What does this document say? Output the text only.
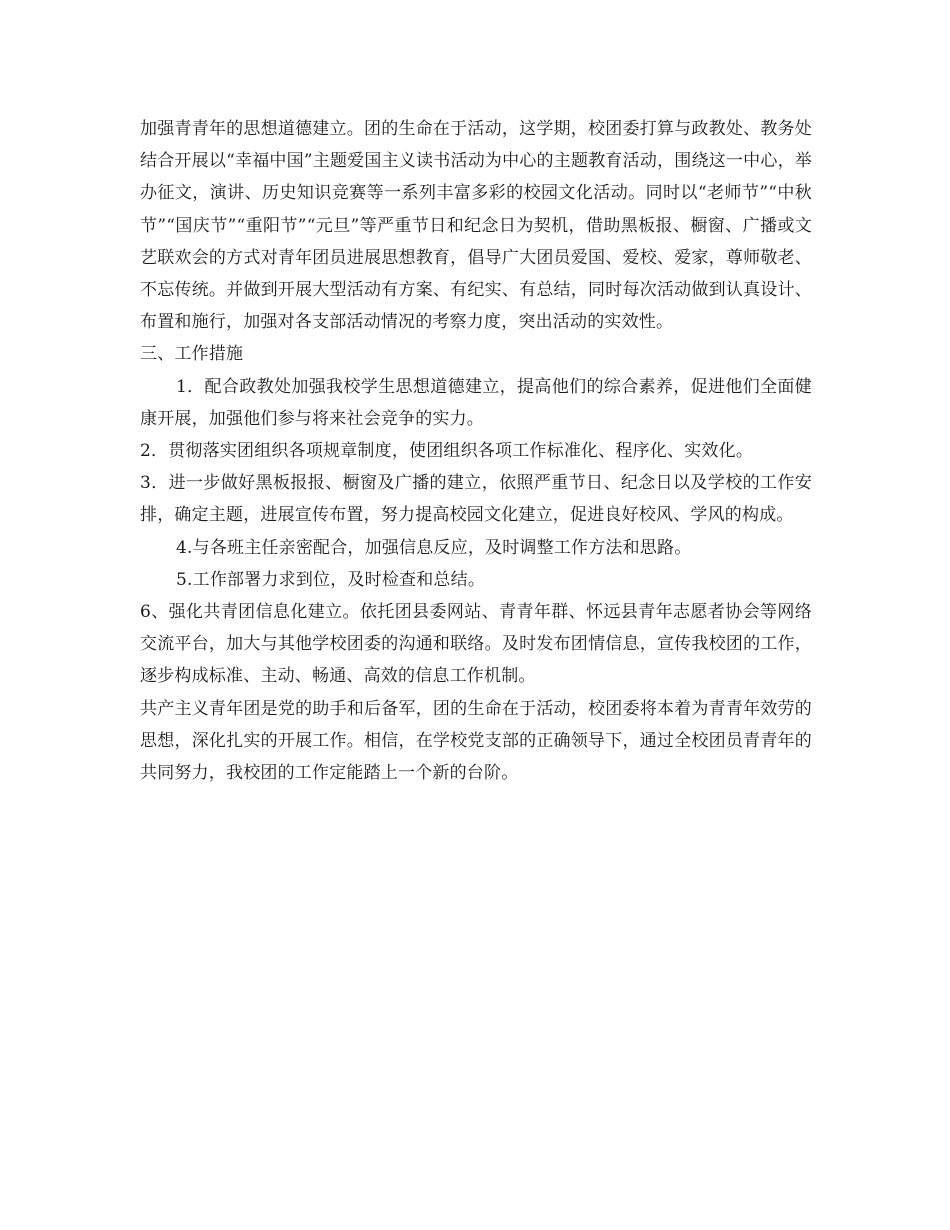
加强青青年的思想道德建立。团的生命在于活动，这学期，校团委打算与政教处、教务处结合开展以“幸福中国”主题爱国主义读书活动为中心的主题教育活动，围绕这一中心，举办征文，演讲、历史知识竞赛等一系列丰富多彩的校园文化活动。同时以“老师节”“中秋节”“国庆节”“重阳节”“元旦”等严重节日和纪念日为契机，借助黑板报、橱窗、广播或文艺联欢会的方式对青年团员进展思想教育，倡导广大团员爱国、爱校、爱家，尊师敬老、不忘传统。并做到开展大型活动有方案、有纪实、有总结，同时每次活动做到认真设计、布置和施行，加强对各支部活动情况的考察力度，突出活动的实效性。

三、工作措施

1．配合政教处加强我校学生思想道德建立，提高他们的综合素养，促进他们全面健康开展，加强他们参与将来社会竞争的实力。

2．贯彻落实团组织各项规章制度，使团组织各项工作标准化、程序化、实效化。

3．进一步做好黑板报报、橱窗及广播的建立，依照严重节日、纪念日以及学校的工作安排，确定主题，进展宣传布置，努力提高校园文化建立，促进良好校风、学风的构成。

4.与各班主任亲密配合，加强信息反应，及时调整工作方法和思路。

5.工作部署力求到位，及时检查和总结。

6、强化共青团信息化建立。依托团县委网站、青青年群、怀远县青年志愿者协会等网络交流平台，加大与其他学校团委的沟通和联络。及时发布团情信息，宣传我校团的工作，逐步构成标准、主动、畅通、高效的信息工作机制。

共产主义青年团是党的助手和后备军，团的生命在于活动，校团委将本着为青青年效劳的思想，深化扎实的开展工作。相信，在学校党支部的正确领导下，通过全校团员青青年的共同努力，我校团的工作定能踏上一个新的台阶。
